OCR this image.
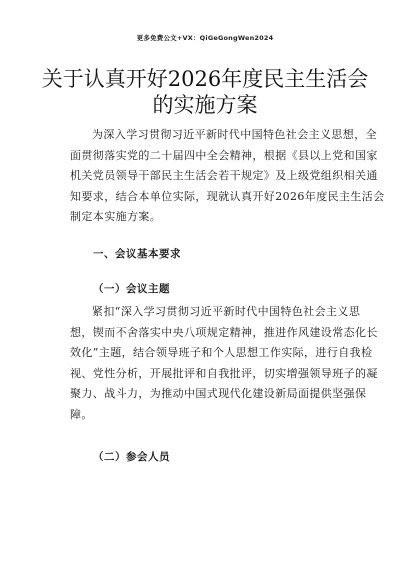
更多免费公文+VX：QiGeGongWen2024
关于认真开好2026年度民主生活会
的实施方案
为深入学习贯彻习近平新时代中国特色社会主义思想，全
面贯彻落实党的二十届四中全会精神，根据《县以上党和国家
机关党员领导干部民主生活会若干规定》及上级党组织相关通
知要求，结合本单位实际，现就认真开好2026年度民主生活会
制定本实施方案。
一、会议基本要求
（一）会议主题
紧扣“深入学习贯彻习近平新时代中国特色社会主义思
想，锲而不舍落实中央八项规定精神，推进作风建设常态化长
效化”主题，结合领导班子和个人思想工作实际，进行自我检
视、党性分析，开展批评和自我批评，切实增强领导班子的凝
聚力、战斗力，为推动中国式现代化建设新局面提供坚强保
障。
（二）参会人员
